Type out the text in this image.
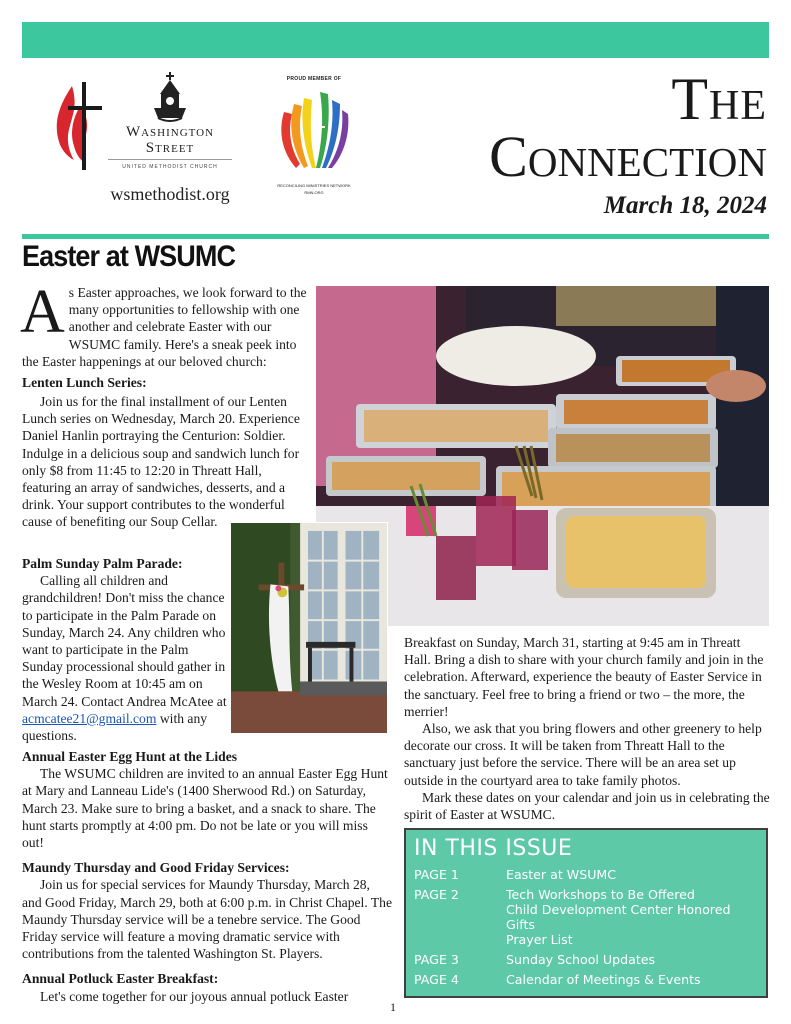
Washington
Street
UNITED METHODIST CHURCH
wsmethodist.org
PROUD MEMBER OF
RECONCILING MINISTRIES NETWORK
RMN.ORG
The
Connection
March 18, 2024
Easter at WSUMC

As Easter approaches, we look forward to the many opportunities to fellowship with one another and celebrate Easter with our WSUMC family. Here's a sneak peek into the Easter happenings at our beloved church:

Lenten Lunch Series:

Join us for the final installment of our Lenten Lunch series on Wednesday, March 20. Experience Daniel Hanlin portraying the Centurion: Soldier. Indulge in a delicious soup and sandwich lunch for only $8 from 11:45 to 12:20 in Threatt Hall, featuring an array of sandwiches, desserts, and a drink. Your support contributes to the wonderful cause of benefiting our Soup Cellar.

Palm Sunday Palm Parade:

Calling all children and grandchildren! Don't miss the chance to participate in the Palm Parade on Sunday, March 24. Any children who want to participate in the Palm Sunday processional should gather in the Wesley Room at 10:45 am on March 24. Contact Andrea McAtee at acmcatee21@gmail.com with any questions.

Annual Easter Egg Hunt at the Lides

The WSUMC children are invited to an annual Easter Egg Hunt at Mary and Lanneau Lide's (1400 Sherwood Rd.) on Saturday, March 23. Make sure to bring a basket, and a snack to share. The hunt starts promptly at 4:00 pm. Do not be late or you will miss out!

Maundy Thursday and Good Friday Services:

Join us for special services for Maundy Thursday, March 28, and Good Friday, March 29, both at 6:00 p.m. in Christ Chapel. The Maundy Thursday service will be a tenebre service. The Good Friday service will feature a moving dramatic service with contributions from the talented Washington St. Players.

Annual Potluck Easter Breakfast:

Let's come together for our joyous annual potluck Easter

Breakfast on Sunday, March 31, starting at 9:45 am in Threatt Hall. Bring a dish to share with your church family and join in the celebration. Afterward, experience the beauty of Easter Service in the sanctuary. Feel free to bring a friend or two – the more, the merrier!

Also, we ask that you bring flowers and other greenery to help decorate our cross. It will be taken from Threatt Hall to the sanctuary just before the service. There will be an area set up outside in the courtyard area to take family photos.

Mark these dates on your calendar and join us in celebrating the spirit of Easter at WSUMC.

IN THIS ISSUE
PAGE 1	Easter at WSUMC
PAGE 2	Tech Workshops to Be Offered
Child Development Center Honored
Gifts
Prayer List
PAGE 3	Sunday School Updates
PAGE 4	Calendar of Meetings & Events
1
